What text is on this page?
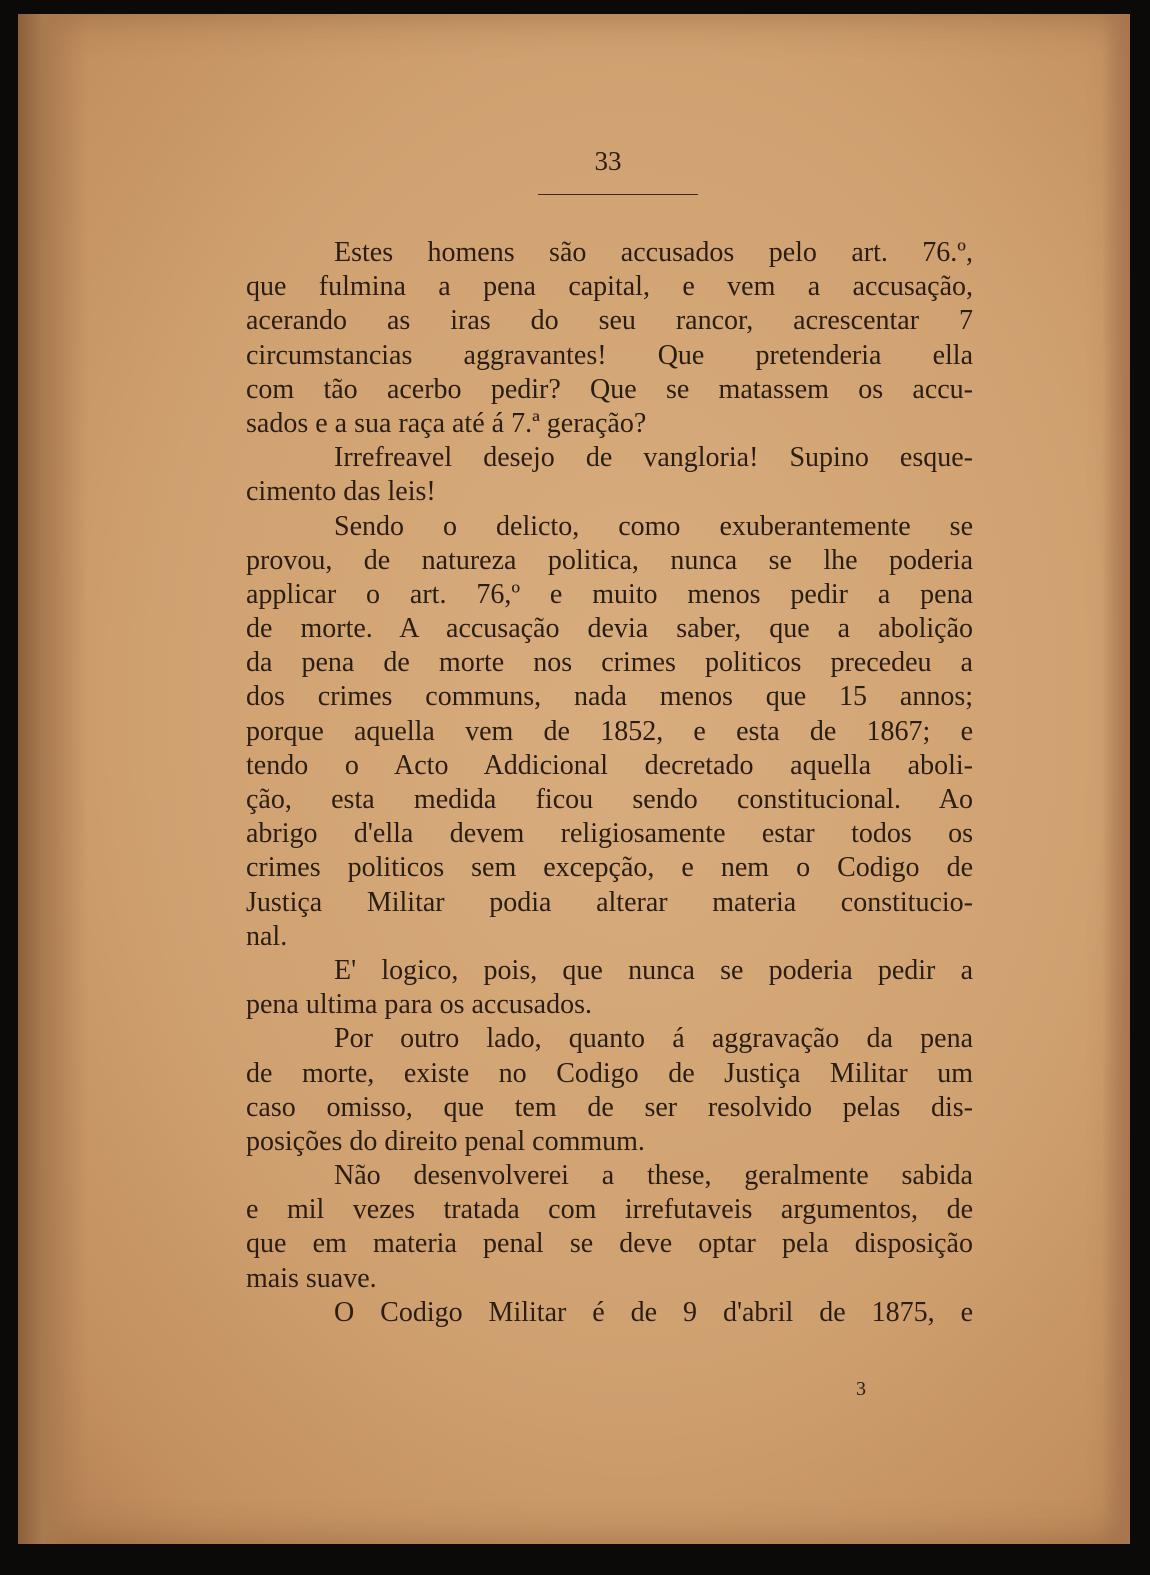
33
Estes homens são accusados pelo art. 76.º,
que fulmina a pena capital, e vem a accusação,
acerando as iras do seu rancor, acrescentar 7
circumstancias aggravantes! Que pretenderia ella
com tão acerbo pedir? Que se matassem os accu-
sados e a sua raça até á 7.ª geração?
Irrefreavel desejo de vangloria! Supino esque-
cimento das leis!
Sendo o delicto, como exuberantemente se
provou, de natureza politica, nunca se lhe poderia
applicar o art. 76,º e muito menos pedir a pena
de morte. A accusação devia saber, que a abolição
da pena de morte nos crimes politicos precedeu a
dos crimes communs, nada menos que 15 annos;
porque aquella vem de 1852, e esta de 1867; e
tendo o Acto Addicional decretado aquella aboli-
ção, esta medida ficou sendo constitucional. Ao
abrigo d'ella devem religiosamente estar todos os
crimes politicos sem excepção, e nem o Codigo de
Justiça Militar podia alterar materia constitucio-
nal.
E' logico, pois, que nunca se poderia pedir a
pena ultima para os accusados.
Por outro lado, quanto á aggravação da pena
de morte, existe no Codigo de Justiça Militar um
caso omisso, que tem de ser resolvido pelas dis-
posições do direito penal commum.
Não desenvolverei a these, geralmente sabida
e mil vezes tratada com irrefutaveis argumentos, de
que em materia penal se deve optar pela disposição
mais suave.
O Codigo Militar é de 9 d'abril de 1875, e
3
